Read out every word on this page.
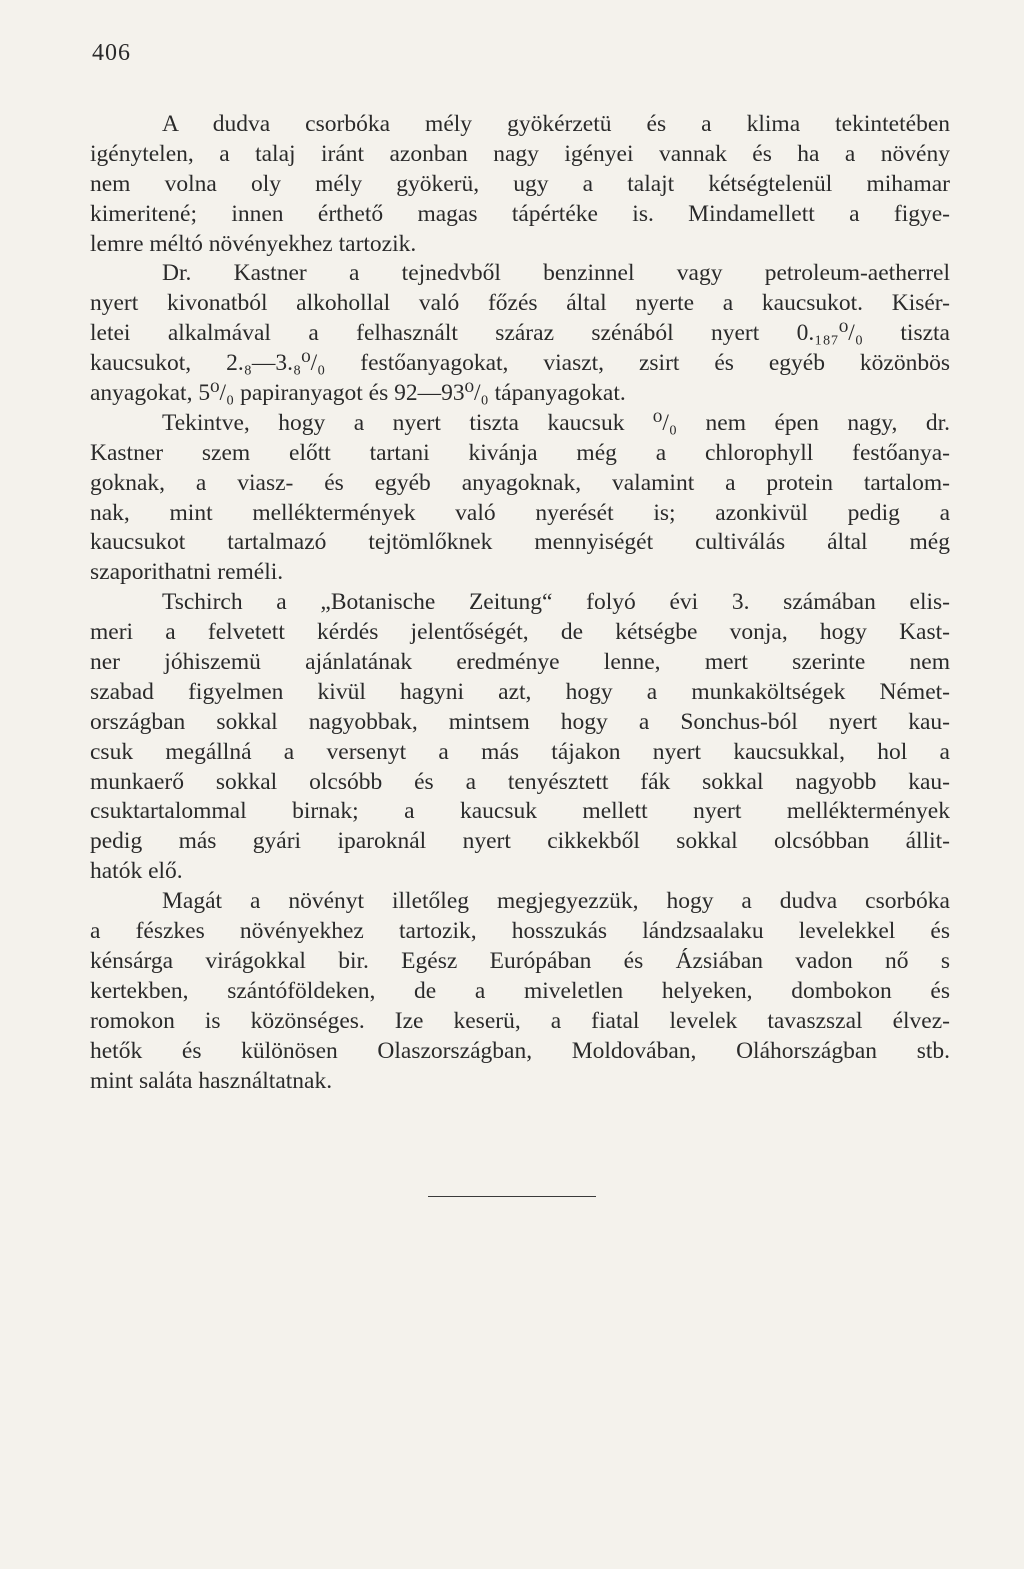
406
A dudva csorbóka mély gyökérzetü és a klima tekintetében
igénytelen, a talaj iránt azonban nagy igényei vannak és ha a növény
nem volna oly mély gyökerü, ugy a talajt kétségtelenül mihamar
kimeritené; innen érthető magas tápértéke is. Mindamellett a figye-
lemre méltó növényekhez tartozik.
Dr. Kastner a tejnedvből benzinnel vagy petroleum-aetherrel
nyert kivonatból alkohollal való főzés által nyerte a kaucsukot. Kisér-
letei alkalmával a felhasznált száraz szénából nyert 0.₁₈₇⁰/₀ tiszta
kaucsukot, 2.₈—3.₈⁰/₀ festőanyagokat, viaszt, zsirt és egyéb közönbös
anyagokat, 5⁰/₀ papiranyagot és 92—93⁰/₀ tápanyagokat.
Tekintve, hogy a nyert tiszta kaucsuk ⁰/₀ nem épen nagy, dr.
Kastner szem előtt tartani kivánja még a chlorophyll festőanya-
goknak, a viasz- és egyéb anyagoknak, valamint a protein tartalom-
nak, mint melléktermények való nyerését is; azonkivül pedig a
kaucsukot tartalmazó tejtömlőknek mennyiségét cultiválás által még
szaporithatni reméli.
Tschirch a „Botanische Zeitung“ folyó évi 3. számában elis-
meri a felvetett kérdés jelentőségét, de kétségbe vonja, hogy Kast-
ner jóhiszemü ajánlatának eredménye lenne, mert szerinte nem
szabad figyelmen kivül hagyni azt, hogy a munkaköltségek Német-
országban sokkal nagyobbak, mintsem hogy a Sonchus-ból nyert kau-
csuk megállná a versenyt a más tájakon nyert kaucsukkal, hol a
munkaerő sokkal olcsóbb és a tenyésztett fák sokkal nagyobb kau-
csuktartalommal birnak; a kaucsuk mellett nyert melléktermények
pedig más gyári iparoknál nyert cikkekből sokkal olcsóbban állit-
hatók elő.
Magát a növényt illetőleg megjegyezzük, hogy a dudva csorbóka
a fészkes növényekhez tartozik, hosszukás lándzsaalaku levelekkel és
kénsárga virágokkal bir. Egész Európában és Ázsiában vadon nő s
kertekben, szántóföldeken, de a miveletlen helyeken, dombokon és
romokon is közönséges. Ize keserü, a fiatal levelek tavaszszal élvez-
hetők és különösen Olaszországban, Moldovában, Oláhországban stb.
mint saláta használtatnak.
